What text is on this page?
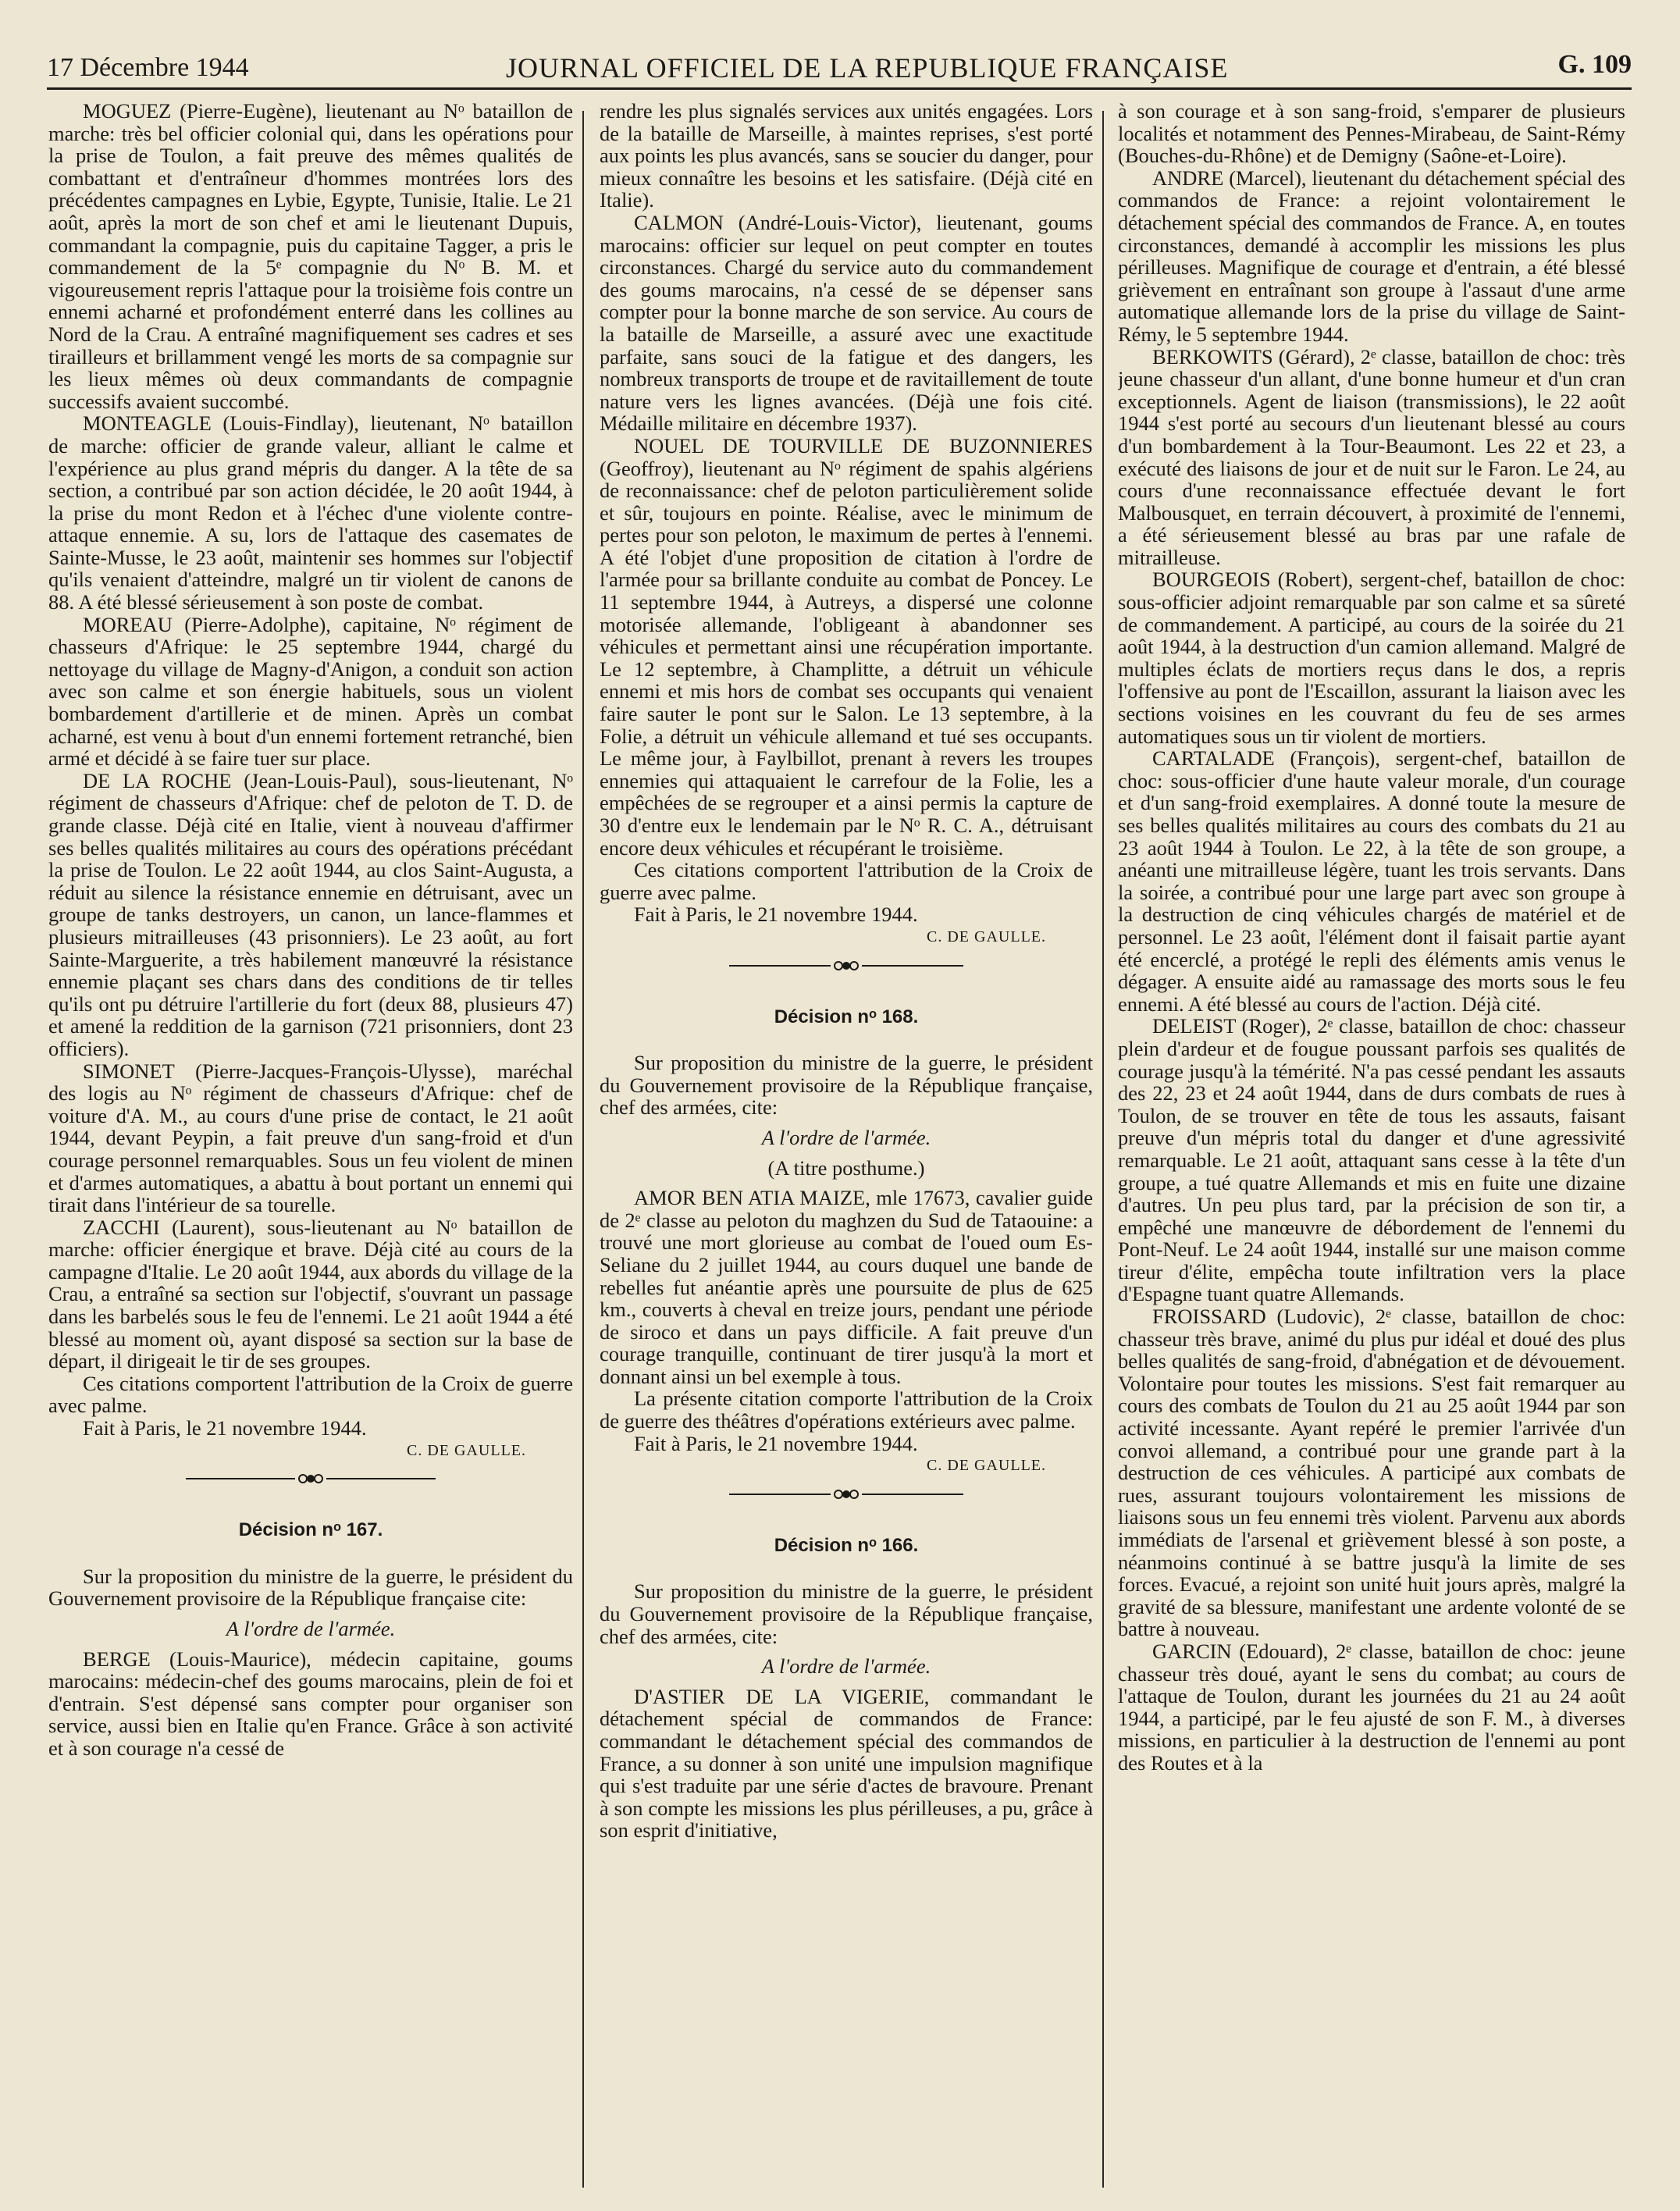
17 Décembre 1944	JOURNAL OFFICIEL DE LA REPUBLIQUE FRANÇAISE	G. 109

MOGUEZ (Pierre-Eugène), lieutenant au Nᵒ bataillon de marche: très bel officier colonial qui, dans les opérations pour la prise de Toulon, a fait preuve des mêmes qualités de combattant et d'entraîneur d'hommes montrées lors des précédentes campagnes en Lybie, Egypte, Tunisie, Italie. Le 21 août, après la mort de son chef et ami le lieutenant Dupuis, commandant la compagnie, puis du capitaine Tagger, a pris le commandement de la 5ᵉ compagnie du Nᵒ B. M. et vigoureusement repris l'attaque pour la troisième fois contre un ennemi acharné et profondément enterré dans les collines au Nord de la Crau. A entraîné magnifiquement ses cadres et ses tirailleurs et brillamment vengé les morts de sa compagnie sur les lieux mêmes où deux commandants de compagnie successifs avaient succombé.

MONTEAGLE (Louis-Findlay), lieutenant, Nᵒ bataillon de marche: officier de grande valeur, alliant le calme et l'expérience au plus grand mépris du danger. A la tête de sa section, a contribué par son action décidée, le 20 août 1944, à la prise du mont Redon et à l'échec d'une violente contre-attaque ennemie. A su, lors de l'attaque des casemates de Sainte-Musse, le 23 août, maintenir ses hommes sur l'objectif qu'ils venaient d'atteindre, malgré un tir violent de canons de 88. A été blessé sérieusement à son poste de combat.

MOREAU (Pierre-Adolphe), capitaine, Nᵒ régiment de chasseurs d'Afrique: le 25 septembre 1944, chargé du nettoyage du village de Magny-d'Anigon, a conduit son action avec son calme et son énergie habituels, sous un violent bombardement d'artillerie et de minen. Après un combat acharné, est venu à bout d'un ennemi fortement retranché, bien armé et décidé à se faire tuer sur place.

DE LA ROCHE (Jean-Louis-Paul), sous-lieutenant, Nᵒ régiment de chasseurs d'Afrique: chef de peloton de T. D. de grande classe. Déjà cité en Italie, vient à nouveau d'affirmer ses belles qualités militaires au cours des opérations précédant la prise de Toulon. Le 22 août 1944, au clos Saint-Augusta, a réduit au silence la résistance ennemie en détruisant, avec un groupe de tanks destroyers, un canon, un lance-flammes et plusieurs mitrailleuses (43 prisonniers). Le 23 août, au fort Sainte-Marguerite, a très habilement manœuvré la résistance ennemie plaçant ses chars dans des conditions de tir telles qu'ils ont pu détruire l'artillerie du fort (deux 88, plusieurs 47) et amené la reddition de la garnison (721 prisonniers, dont 23 officiers).

SIMONET (Pierre-Jacques-François-Ulysse), maréchal des logis au Nᵒ régiment de chasseurs d'Afrique: chef de voiture d'A. M., au cours d'une prise de contact, le 21 août 1944, devant Peypin, a fait preuve d'un sang-froid et d'un courage personnel remarquables. Sous un feu violent de minen et d'armes automatiques, a abattu à bout portant un ennemi qui tirait dans l'intérieur de sa tourelle.

ZACCHI (Laurent), sous-lieutenant au Nᵒ bataillon de marche: officier énergique et brave. Déjà cité au cours de la campagne d'Italie. Le 20 août 1944, aux abords du village de la Crau, a entraîné sa section sur l'objectif, s'ouvrant un passage dans les barbelés sous le feu de l'ennemi. Le 21 août 1944 a été blessé au moment où, ayant disposé sa section sur la base de départ, il dirigeait le tir de ses groupes.

Ces citations comportent l'attribution de la Croix de guerre avec palme.

Fait à Paris, le 21 novembre 1944.

C. DE GAULLE.

Décision nᵒ 167.

Sur la proposition du ministre de la guerre, le président du Gouvernement provisoire de la République française cite:

A l'ordre de l'armée.

BERGE (Louis-Maurice), médecin capitaine, goums marocains: médecin-chef des goums marocains, plein de foi et d'entrain. S'est dépensé sans compter pour organiser son service, aussi bien en Italie qu'en France. Grâce à son activité et à son courage n'a cessé de

rendre les plus signalés services aux unités engagées. Lors de la bataille de Marseille, à maintes reprises, s'est porté aux points les plus avancés, sans se soucier du danger, pour mieux connaître les besoins et les satisfaire. (Déjà cité en Italie).

CALMON (André-Louis-Victor), lieutenant, goums marocains: officier sur lequel on peut compter en toutes circonstances. Chargé du service auto du commandement des goums marocains, n'a cessé de se dépenser sans compter pour la bonne marche de son service. Au cours de la bataille de Marseille, a assuré avec une exactitude parfaite, sans souci de la fatigue et des dangers, les nombreux transports de troupe et de ravitaillement de toute nature vers les lignes avancées. (Déjà une fois cité. Médaille militaire en décembre 1937).

NOUEL DE TOURVILLE DE BUZONNIERES (Geoffroy), lieutenant au Nᵒ régiment de spahis algériens de reconnaissance: chef de peloton particulièrement solide et sûr, toujours en pointe. Réalise, avec le minimum de pertes pour son peloton, le maximum de pertes à l'ennemi. A été l'objet d'une proposition de citation à l'ordre de l'armée pour sa brillante conduite au combat de Poncey. Le 11 septembre 1944, à Autreys, a dispersé une colonne motorisée allemande, l'obligeant à abandonner ses véhicules et permettant ainsi une récupération importante. Le 12 septembre, à Champlitte, a détruit un véhicule ennemi et mis hors de combat ses occupants qui venaient faire sauter le pont sur le Salon. Le 13 septembre, à la Folie, a détruit un véhicule allemand et tué ses occupants. Le même jour, à Faylbillot, prenant à revers les troupes ennemies qui attaquaient le carrefour de la Folie, les a empêchées de se regrouper et a ainsi permis la capture de 30 d'entre eux le lendemain par le Nᵒ R. C. A., détruisant encore deux véhicules et récupérant le troisième.

Ces citations comportent l'attribution de la Croix de guerre avec palme.

Fait à Paris, le 21 novembre 1944.

C. DE GAULLE.

Décision nᵒ 168.

Sur proposition du ministre de la guerre, le président du Gouvernement provisoire de la République française, chef des armées, cite:

A l'ordre de l'armée.

(A titre posthume.)

AMOR BEN ATIA MAIZE, mle 17673, cavalier guide de 2ᵉ classe au peloton du maghzen du Sud de Tataouine: a trouvé une mort glorieuse au combat de l'oued oum Es-Seliane du 2 juillet 1944, au cours duquel une bande de rebelles fut anéantie après une poursuite de plus de 625 km., couverts à cheval en treize jours, pendant une période de siroco et dans un pays difficile. A fait preuve d'un courage tranquille, continuant de tirer jusqu'à la mort et donnant ainsi un bel exemple à tous.

La présente citation comporte l'attribution de la Croix de guerre des théâtres d'opérations extérieurs avec palme.

Fait à Paris, le 21 novembre 1944.

C. DE GAULLE.

Décision nᵒ 166.

Sur proposition du ministre de la guerre, le président du Gouvernement provisoire de la République française, chef des armées, cite:

A l'ordre de l'armée.

D'ASTIER DE LA VIGERIE, commandant le détachement spécial de commandos de France: commandant le détachement spécial des commandos de France, a su donner à son unité une impulsion magnifique qui s'est traduite par une série d'actes de bravoure. Prenant à son compte les missions les plus périlleuses, a pu, grâce à son esprit d'initiative,

à son courage et à son sang-froid, s'emparer de plusieurs localités et notamment des Pennes-Mirabeau, de Saint-Rémy (Bouches-du-Rhône) et de Demigny (Saône-et-Loire).

ANDRE (Marcel), lieutenant du détachement spécial des commandos de France: a rejoint volontairement le détachement spécial des commandos de France. A, en toutes circonstances, demandé à accomplir les missions les plus périlleuses. Magnifique de courage et d'entrain, a été blessé grièvement en entraînant son groupe à l'assaut d'une arme automatique allemande lors de la prise du village de Saint-Rémy, le 5 septembre 1944.

BERKOWITS (Gérard), 2ᵉ classe, bataillon de choc: très jeune chasseur d'un allant, d'une bonne humeur et d'un cran exceptionnels. Agent de liaison (transmissions), le 22 août 1944 s'est porté au secours d'un lieutenant blessé au cours d'un bombardement à la Tour-Beaumont. Les 22 et 23, a exécuté des liaisons de jour et de nuit sur le Faron. Le 24, au cours d'une reconnaissance effectuée devant le fort Malbousquet, en terrain découvert, à proximité de l'ennemi, a été sérieusement blessé au bras par une rafale de mitrailleuse.

BOURGEOIS (Robert), sergent-chef, bataillon de choc: sous-officier adjoint remarquable par son calme et sa sûreté de commandement. A participé, au cours de la soirée du 21 août 1944, à la destruction d'un camion allemand. Malgré de multiples éclats de mortiers reçus dans le dos, a repris l'offensive au pont de l'Escaillon, assurant la liaison avec les sections voisines en les couvrant du feu de ses armes automatiques sous un tir violent de mortiers.

CARTALADE (François), sergent-chef, bataillon de choc: sous-officier d'une haute valeur morale, d'un courage et d'un sang-froid exemplaires. A donné toute la mesure de ses belles qualités militaires au cours des combats du 21 au 23 août 1944 à Toulon. Le 22, à la tête de son groupe, a anéanti une mitrailleuse légère, tuant les trois servants. Dans la soirée, a contribué pour une large part avec son groupe à la destruction de cinq véhicules chargés de matériel et de personnel. Le 23 août, l'élément dont il faisait partie ayant été encerclé, a protégé le repli des éléments amis venus le dégager. A ensuite aidé au ramassage des morts sous le feu ennemi. A été blessé au cours de l'action. Déjà cité.

DELEIST (Roger), 2ᵉ classe, bataillon de choc: chasseur plein d'ardeur et de fougue poussant parfois ses qualités de courage jusqu'à la témérité. N'a pas cessé pendant les assauts des 22, 23 et 24 août 1944, dans de durs combats de rues à Toulon, de se trouver en tête de tous les assauts, faisant preuve d'un mépris total du danger et d'une agressivité remarquable. Le 21 août, attaquant sans cesse à la tête d'un groupe, a tué quatre Allemands et mis en fuite une dizaine d'autres. Un peu plus tard, par la précision de son tir, a empêché une manœuvre de débordement de l'ennemi du Pont-Neuf. Le 24 août 1944, installé sur une maison comme tireur d'élite, empêcha toute infiltration vers la place d'Espagne tuant quatre Allemands.

FROISSARD (Ludovic), 2ᵉ classe, bataillon de choc: chasseur très brave, animé du plus pur idéal et doué des plus belles qualités de sang-froid, d'abnégation et de dévouement. Volontaire pour toutes les missions. S'est fait remarquer au cours des combats de Toulon du 21 au 25 août 1944 par son activité incessante. Ayant repéré le premier l'arrivée d'un convoi allemand, a contribué pour une grande part à la destruction de ces véhicules. A participé aux combats de rues, assurant toujours volontairement les missions de liaisons sous un feu ennemi très violent. Parvenu aux abords immédiats de l'arsenal et grièvement blessé à son poste, a néanmoins continué à se battre jusqu'à la limite de ses forces. Evacué, a rejoint son unité huit jours après, malgré la gravité de sa blessure, manifestant une ardente volonté de se battre à nouveau.

GARCIN (Edouard), 2ᵉ classe, bataillon de choc: jeune chasseur très doué, ayant le sens du combat; au cours de l'attaque de Toulon, durant les journées du 21 au 24 août 1944, a participé, par le feu ajusté de son F. M., à diverses missions, en particulier à la destruction de l'ennemi au pont des Routes et à la
